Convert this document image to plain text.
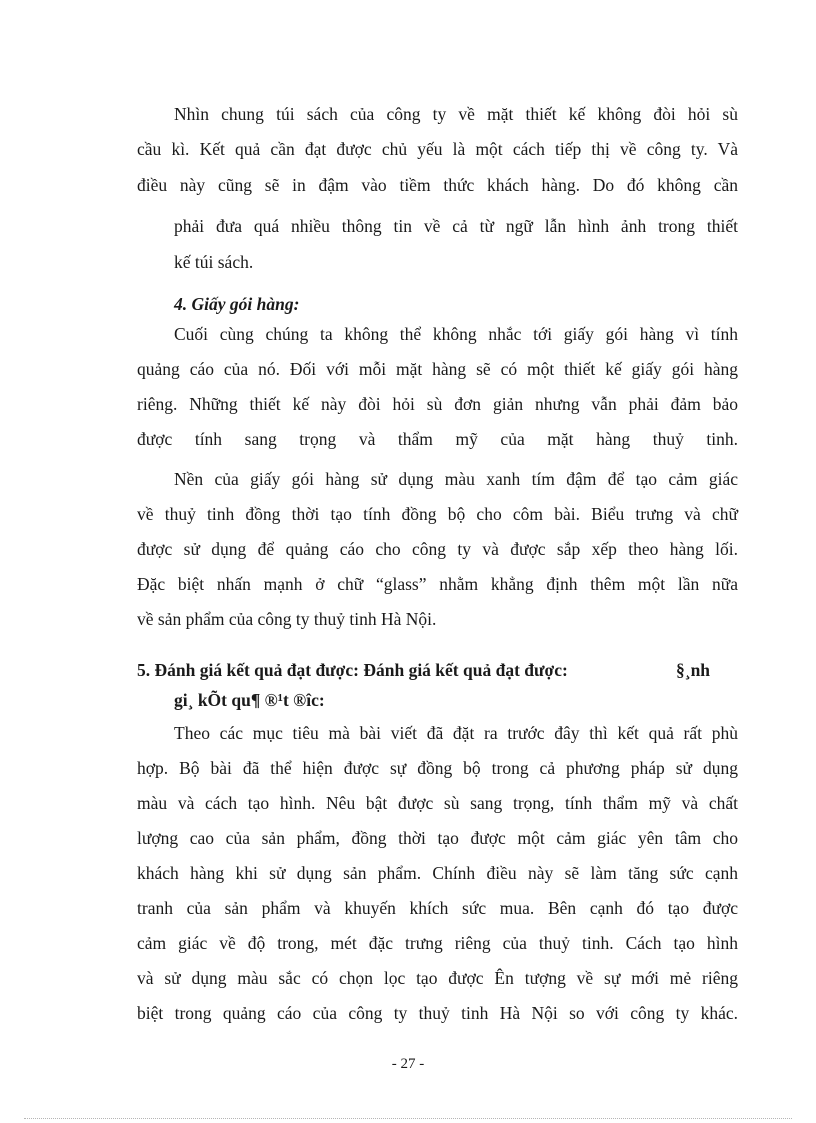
Nhìn chung túi sách của công ty về mặt thiết kế không đòi hỏi sù
cầu kì. Kết quả cần đạt được chủ yếu là một cách tiếp thị về công ty. Và
điều này cũng sẽ in đậm vào tiềm thức khách hàng. Do đó không cần
phải đưa quá nhiều thông tin về cả từ ngữ lẫn hình ảnh trong thiết
kế túi sách.
4. Giấy gói hàng:
Cuối cùng chúng ta không thể không nhắc tới giấy gói hàng vì tính
quảng cáo của nó. Đối với mỗi mặt hàng sẽ có một thiết kế giấy gói hàng
riêng. Những thiết kế này đòi hỏi sù đơn giản nhưng vẫn phải đảm bảo
được tính sang trọng và thẩm mỹ của mặt hàng thuỷ tinh.
Nền của giấy gói hàng sử dụng màu xanh tím đậm để tạo cảm giác
về thuỷ tinh đồng thời tạo tính đồng bộ cho côm bài. Biểu trưng và chữ
được sử dụng để quảng cáo cho công ty và được sắp xếp theo hàng lối.
Đặc biệt nhấn mạnh ở chữ “glass” nhằm khẳng định thêm một lần nữa
về sản phẩm của công ty thuỷ tinh Hà Nội.
5. Đánh giá kết quả đạt được: Đánh giá kết quả đạt được:	§¸nh
gi¸ kÕt qu¶ ®¹t ®îc:
Theo các mục tiêu mà bài viết đã đặt ra trước đây thì kết quả rất phù
hợp. Bộ bài đã thể hiện được sự đồng bộ trong cả phương pháp sử dụng
màu và cách tạo hình. Nêu bật được sù sang trọng, tính thẩm mỹ và chất
lượng cao của sản phẩm, đồng thời tạo được một cảm giác yên tâm cho
khách hàng khi sử dụng sản phẩm. Chính điều này sẽ làm tăng sức cạnh
tranh của sản phẩm và khuyến khích sức mua. Bên cạnh đó tạo được
cảm giác về độ trong, mét đặc trưng riêng của thuỷ tinh. Cách tạo hình
và sử dụng màu sắc có chọn lọc tạo được Ên tượng về sự mới mẻ riêng
biệt trong quảng cáo của công ty thuỷ tinh Hà Nội so với công ty khác.
- 27 -
